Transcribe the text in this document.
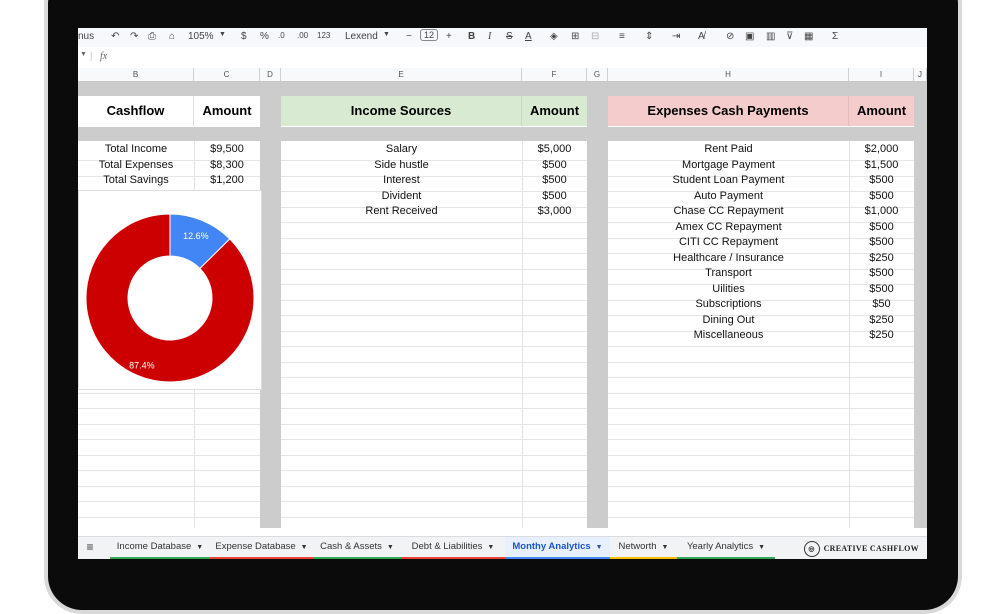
nus ↶ ↷ ⎙ ⌂ 105% ▼ $ % .0 .00 123 Lexend ▼ −	12	+ B I S A ◈ ⊞ ⊟ ≡ ⇕ ⇥ A̸ ⊘ ▣ ▥ ⊽ ▦ Σ
▼ | fx
B	C	D	E	F	G	H	I	J
Cashflow	Amount	Income Sources	Amount	Expenses Cash Payments	Amount
Total Income	$9,500
Total Expenses	$8,300
Total Savings	$1,200
Salary	$5,000
Side hustle	$500
Interest	$500
Divident	$500
Rent Received	$3,000
Rent Paid	$2,000
Mortgage Payment	$1,500
Student Loan Payment	$500
Auto Payment	$500
Chase CC Repayment	$1,000
Amex CC Repayment	$500
CITI CC Repayment	$500
Healthcare / Insurance	$250
Transport	$500
Uilities	$500
Subscriptions	$50
Dining Out	$250
Miscellaneous	$250
12.6%
87.4%
≡	Income Database ▼	Expense Database ▼	Cash & Assets ▼	Debt & Liabilities ▼	Monthy Analytics ▼	Networth ▼	Yearly Analytics ▼	◎ CREATIVE CASHFLOW
